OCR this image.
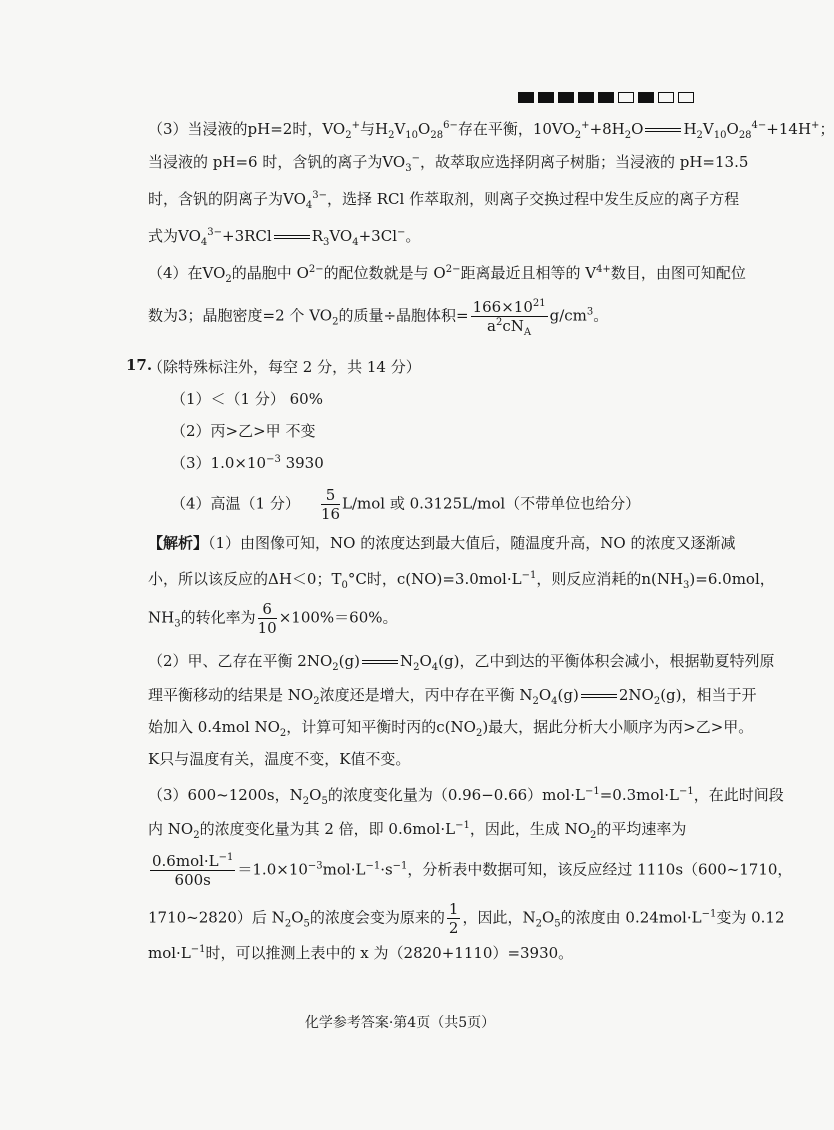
（3）当浸液的pH=2时，$VO_2^+$与$H_2V_{10}O_{28}^{6-}$存在平衡，$10VO_2^++8H_2O$	$H_2V_{10}O_{28}^{4-}+14H^+$；
当浸液的 pH=6 时，含钒的离子为$VO_3^-$，故萃取应选择阴离子树脂；当浸液的 pH=13.5
时，含钒的阴离子为$VO_4^{3-}$，选择 RCl 作萃取剂，则离子交换过程中发生反应的离子方程
式为$VO_4^{3-}+3RCl$	$R_3VO_4+3Cl^-$。
（4）在$VO_2$的晶胞中 $O^{2-}$的配位数就是与 $O^{2-}$距离最近且相等的 $V^{4+}$数目，由图可知配位
数为3；晶胞密度=2 个 $VO_2$的质量÷晶胞体积= $\frac{166\times 10^{21}}{a^2cN_A} g/cm^3$。
17.
（除特殊标注外，每空 2 分，共 14 分）
（1）＜（1 分） 60%
（2）丙>乙>甲 不变
$(3)1.0\times 10^{-3}$ 3930
（4）高温（1 分） $\frac{5}{16} L/mol$ 或 0.3125L/mol（不带单位也给分）
【解析】（1）由图像可知，NO 的浓度达到最大值后，随温度升高，NO 的浓度又逐渐减
小，所以该反应的ΔH＜0；$T_0^\circ C$时，$c(NO)=3.0mol\cdot L^{-1}$，则反应消耗的$n(NH_3)=6.0mol$，
$NH_3$的转化率为 $\frac{6}{10} \times 100\%=60\%$。
（2）甲、乙存在平衡 $2NO_2(g)$	$N_2O_4(g)$，乙中到达的平衡体积会减小，根据勒夏特列原
理平衡移动的结果是 $NO_2$浓度还是增大，丙中存在平衡 $N_2O_4(g)$	$2NO_2(g)$，相当于开
始加入 0.4mol $NO_2$，计算可知平衡时丙的$c(NO_2)$最大，据此分析大小顺序为丙>乙>甲。
K只与温度有关，温度不变，K值不变。
（3）600~1200s，$N_2O_5$的浓度变化量为$(0.96-0.66)mol\cdot L^{-1}=0.3mol\cdot L^{-1}$，在此时间段
内 $NO_2$的浓度变化量为其 2 倍，即 $0.6mol\cdot L^{-1}$，因此，生成 $NO_2$的平均速率为
$\frac{0.6mol\cdot L^{-1}}{600s} =1.0\times 10^{-3}mol\cdot L^{-1}\cdot s^{-1}$，分析表中数据可知，该反应经过 1110s（600~1710，
1710~2820）后 $N_2O_5$的浓度会变为原来的 $\frac{1}{2}$ ，因此，$N_2O_5$的浓度由 $0.24mol\cdot L^{-1}$变为 0.12
$mol\cdot L^{-1}$时，可以推测上表中的 x 为（2820+1110）=3930。
化学参考答案·第4页（共5页）
